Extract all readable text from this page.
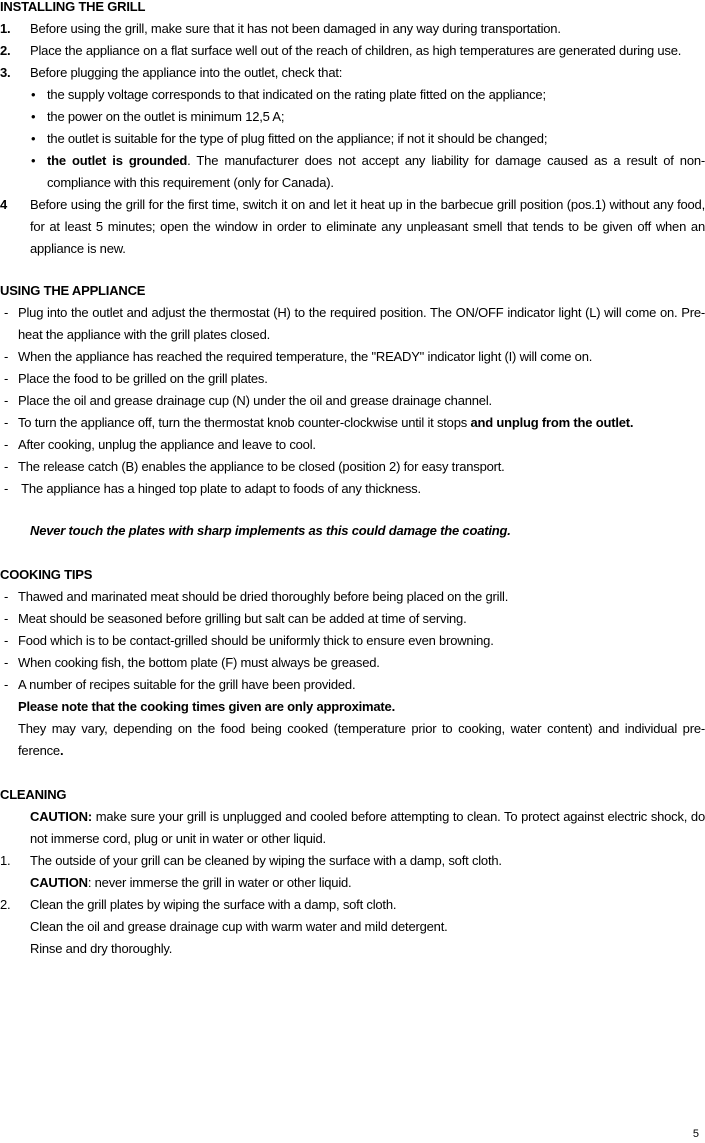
INSTALLING THE GRILL
1.	Before using the grill, make sure that it has not been damaged in any way during transportation.
2.	Place the appliance on a flat surface well out of the reach of children, as high temperatures are generated during use.
3.	Before plugging the appliance into the outlet, check that:
• the supply voltage corresponds to that indicated on the rating plate fitted on the appliance;
• the power on the outlet is minimum 12,5 A;
• the outlet is suitable for the type of plug fitted on the appliance; if not it should be changed;
• the outlet is grounded. The manufacturer does not accept any liability for damage caused as a result of non-compliance with this requirement (only for Canada).
4	Before using the grill for the first time, switch it on and let it heat up in the barbecue grill position (pos.1) without any food, for at least 5 minutes; open the window in order to eliminate any unpleasant smell that tends to be given off when an appliance is new.
USING THE APPLIANCE
- Plug into the outlet and adjust the thermostat (H) to the required position. The ON/OFF indicator light (L) will come on. Pre-heat the appliance with the grill plates closed.
- When the appliance has reached the required temperature, the "READY" indicator light (I) will come on.
- Place the food to be grilled on the grill plates.
- Place the oil and grease drainage cup (N) under the oil and grease drainage channel.
- To turn the appliance off, turn the thermostat knob counter-clockwise until it stops and unplug from the outlet.
- After cooking, unplug the appliance and leave to cool.
- The release catch (B) enables the appliance to be closed (position 2) for easy transport.
- The appliance has a hinged top plate to adapt to foods of any thickness.
Never touch the plates with sharp implements as this could damage the coating.
COOKING TIPS
- Thawed and marinated meat should be dried thoroughly before being placed on the grill.
- Meat should be seasoned before grilling but salt can be added at time of serving.
- Food which is to be contact-grilled should be uniformly thick to ensure even browning.
- When cooking fish, the bottom plate (F) must always be greased.
- A number of recipes suitable for the grill have been provided.
Please note that the cooking times given are only approximate.
They may vary, depending on the food being cooked (temperature prior to cooking, water content) and individual pre-ference.
CLEANING
CAUTION: make sure your grill is unplugged and cooled before attempting to clean. To protect against electric shock, do not immerse cord, plug or unit in water or other liquid.
1.	The outside of your grill can be cleaned by wiping the surface with a damp, soft cloth.
CAUTION: never immerse the grill in water or other liquid.
2.	Clean the grill plates by wiping the surface with a damp, soft cloth.
Clean the oil and grease drainage cup with warm water and mild detergent.
Rinse and dry thoroughly.
5
